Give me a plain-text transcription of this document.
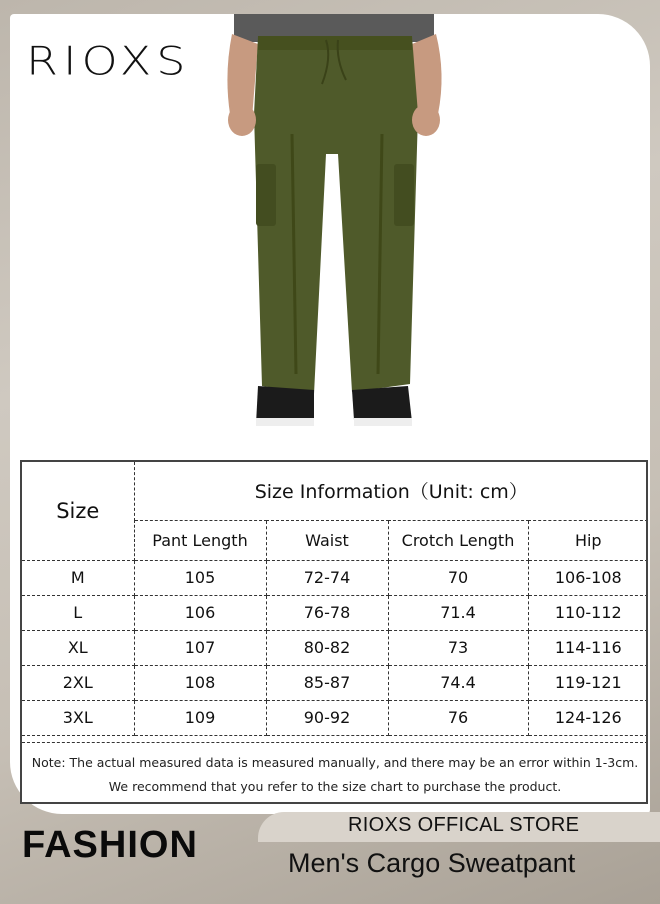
RIOXS
Size	Size Information（Unit: cm）			
	Pant Length	Waist	Crotch Length	Hip
M	105	72-74	70	106-108
L	106	76-78	71.4	110-112
XL	107	80-82	73	114-116
2XL	108	85-87	74.4	119-121
3XL	109	90-92	76	124-126
Note: The actual measured data is measured manually, and there may be an error within 1-3cm.
We recommend that you refer to the size chart to purchase the product.
FASHION	RIOXS OFFICAL STORE
Men's Cargo Sweatpant
